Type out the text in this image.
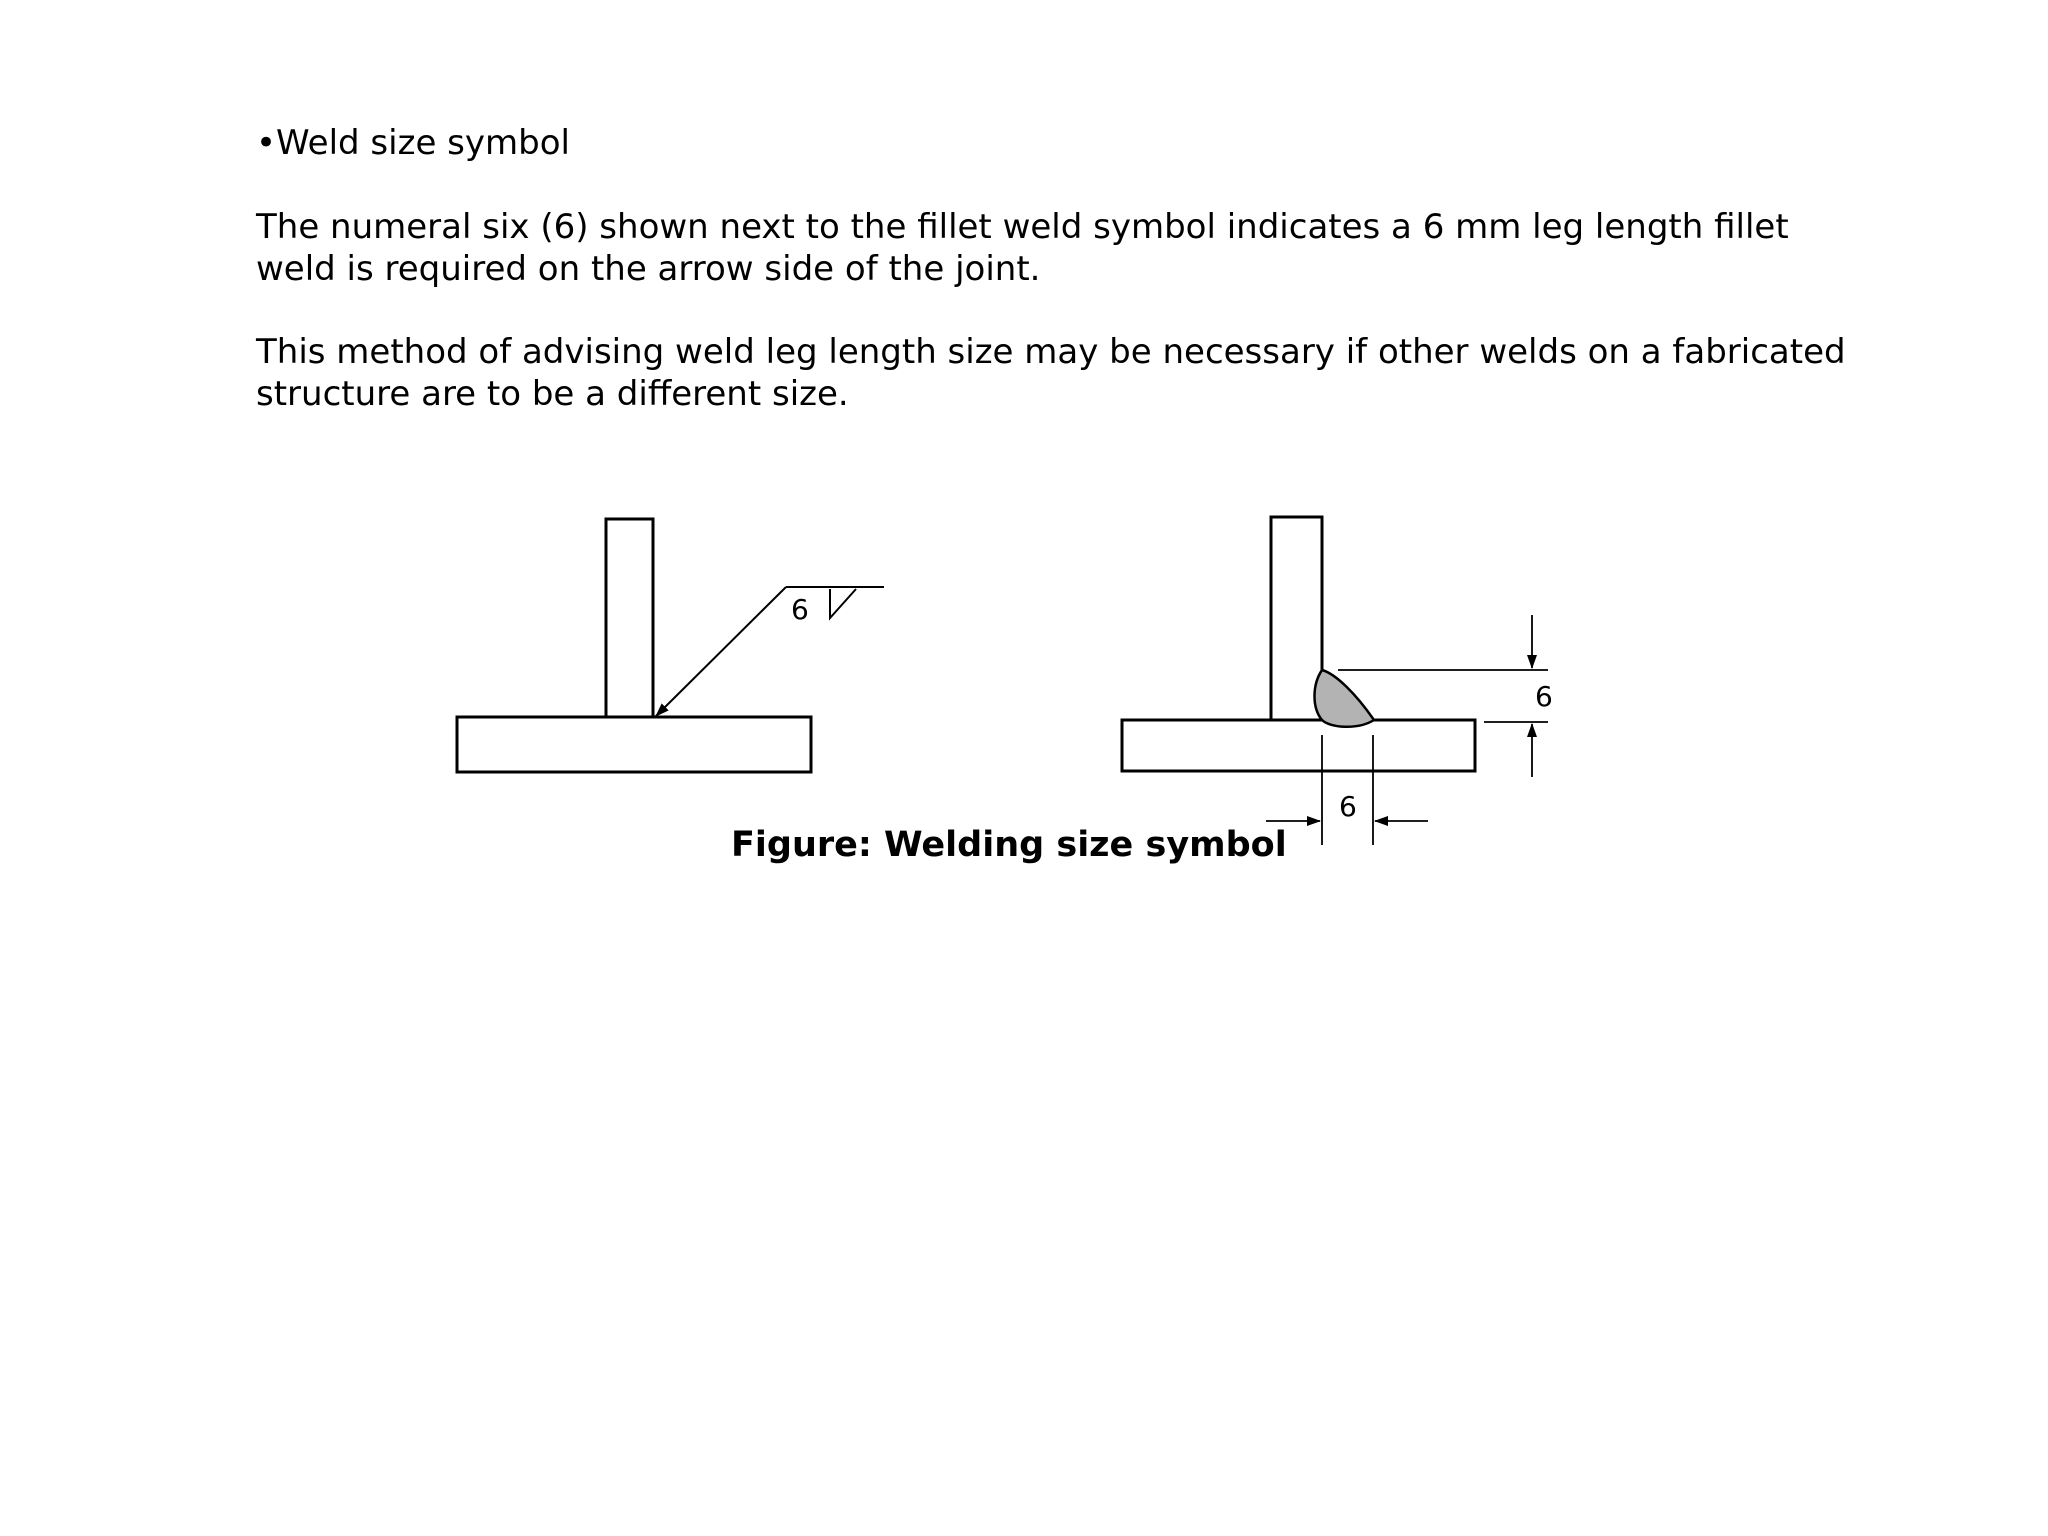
•Weld size symbol

The numeral six (6) shown next to the fillet weld symbol indicates a 6 mm leg length fillet weld is required on the arrow side of the joint.

This method of advising weld leg length size may be necessary if other welds on a fabricated structure are to be a different size.

6
6
6
Figure: Welding size symbol
